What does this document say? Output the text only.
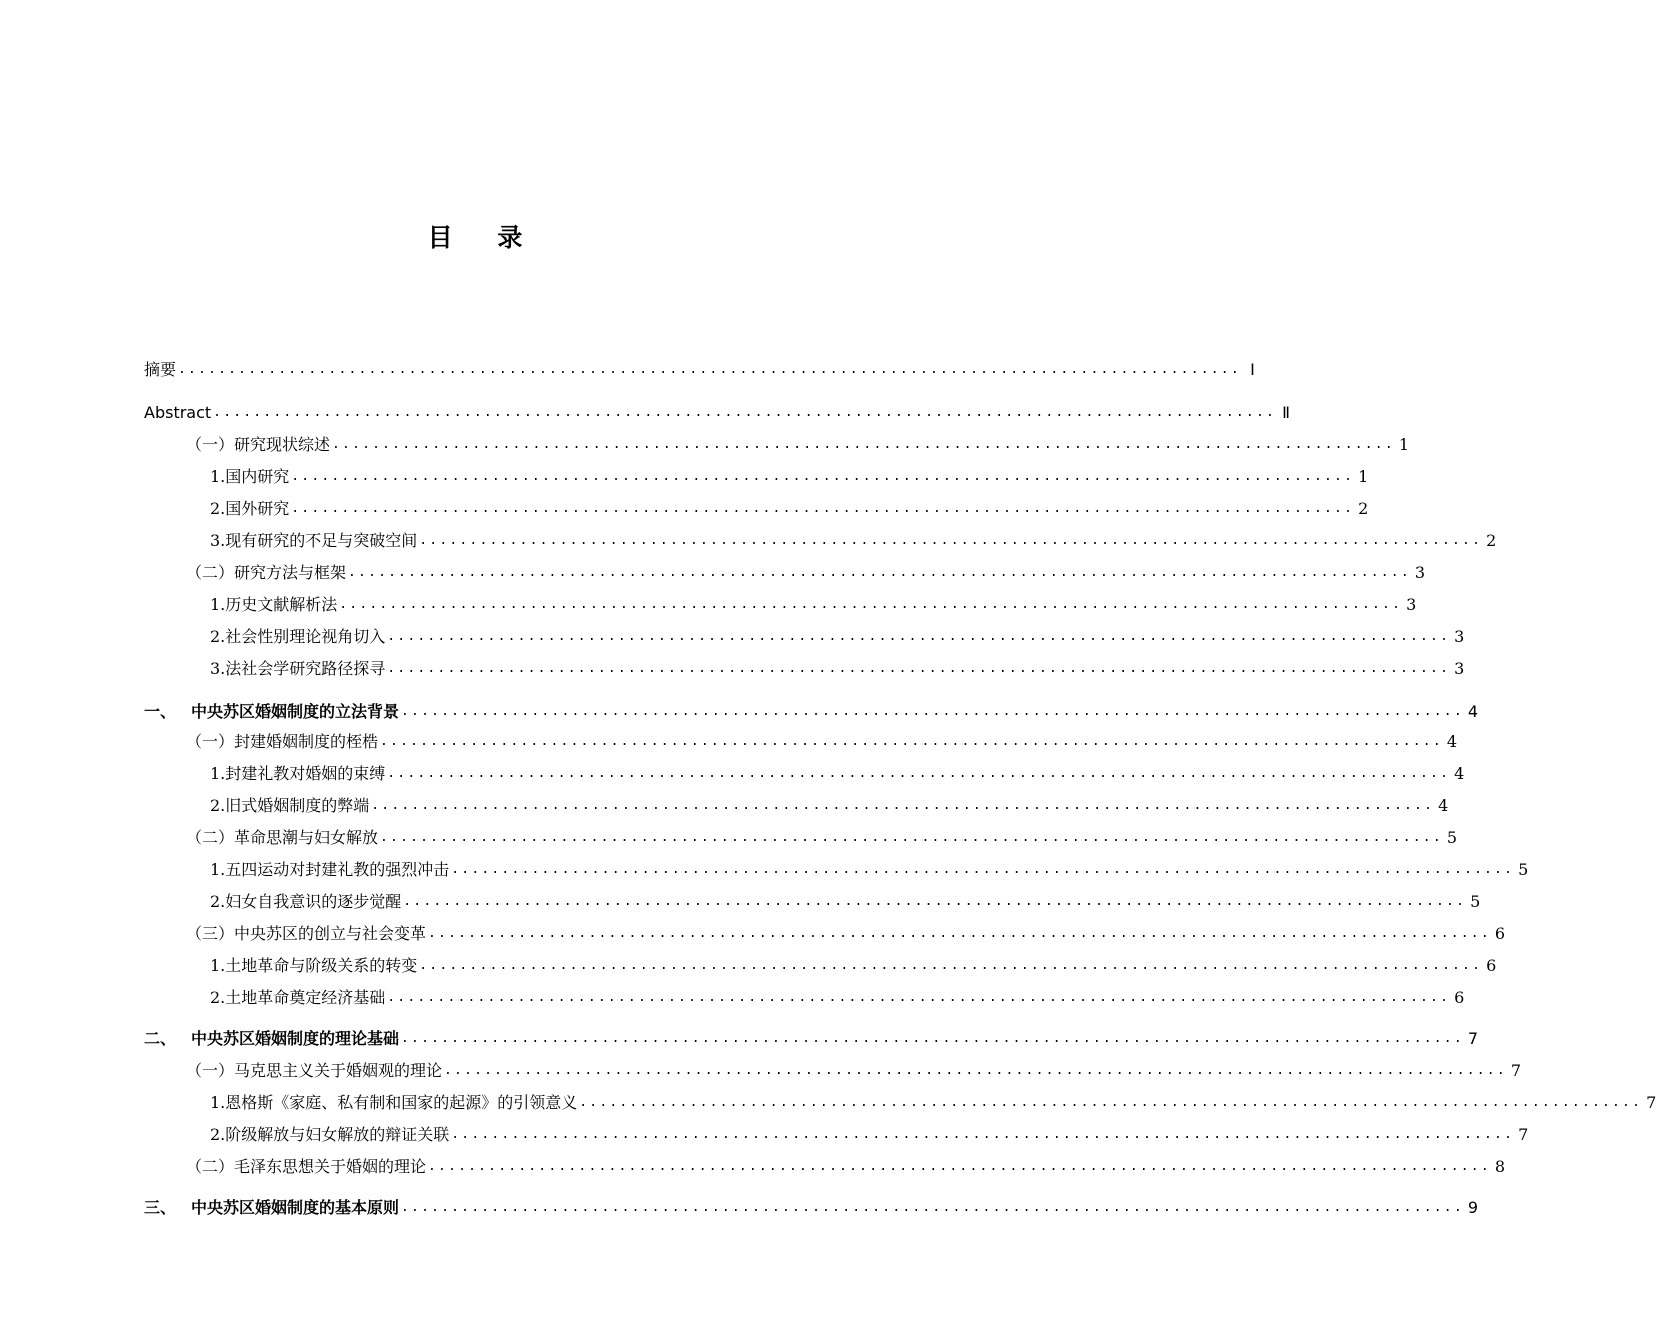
目 录
摘要 .......................................................................................................... Ⅰ
Abstract .......................................................................................................... Ⅱ
（一）研究现状综述 .......................................................................................................... 1
1.国内研究 .......................................................................................................... 1
2.国外研究 .......................................................................................................... 2
3.现有研究的不足与突破空间 .......................................................................................................... 2
（二）研究方法与框架 .......................................................................................................... 3
1.历史文献解析法 .......................................................................................................... 3
2.社会性别理论视角切入 .......................................................................................................... 3
3.法社会学研究路径探寻 .......................................................................................................... 3
一、 中央苏区婚姻制度的立法背景 .......................................................................................................... 4
（一）封建婚姻制度的桎梏 .......................................................................................................... 4
1.封建礼教对婚姻的束缚 .......................................................................................................... 4
2.旧式婚姻制度的弊端 .......................................................................................................... 4
（二）革命思潮与妇女解放 .......................................................................................................... 5
1.五四运动对封建礼教的强烈冲击 .......................................................................................................... 5
2.妇女自我意识的逐步觉醒 .......................................................................................................... 5
（三）中央苏区的创立与社会变革 .......................................................................................................... 6
1.土地革命与阶级关系的转变 .......................................................................................................... 6
2.土地革命奠定经济基础 .......................................................................................................... 6
二、 中央苏区婚姻制度的理论基础 .......................................................................................................... 7
（一）马克思主义关于婚姻观的理论 .......................................................................................................... 7
1.恩格斯《家庭、私有制和国家的起源》的引领意义 .......................................................................................................... 7
2.阶级解放与妇女解放的辩证关联 .......................................................................................................... 7
（二）毛泽东思想关于婚姻的理论 .......................................................................................................... 8
三、 中央苏区婚姻制度的基本原则 .......................................................................................................... 9
